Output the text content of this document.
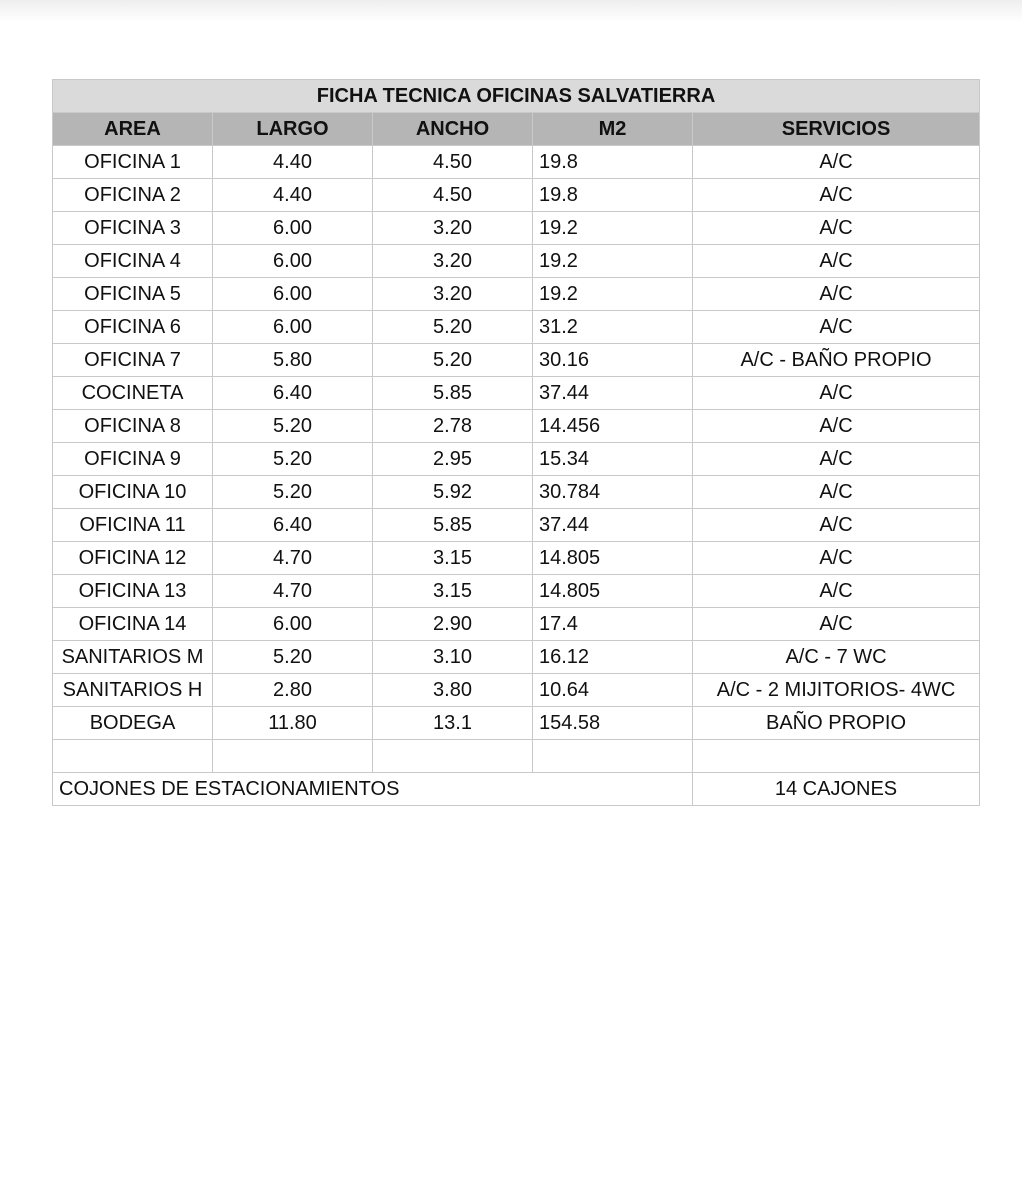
FICHA TECNICA OFICINAS SALVATIERRA				
AREA	LARGO	ANCHO	M2	SERVICIOS
OFICINA 1	4.40	4.50	19.8	A/C
OFICINA 2	4.40	4.50	19.8	A/C
OFICINA 3	6.00	3.20	19.2	A/C
OFICINA 4	6.00	3.20	19.2	A/C
OFICINA 5	6.00	3.20	19.2	A/C
OFICINA 6	6.00	5.20	31.2	A/C
OFICINA 7	5.80	5.20	30.16	A/C - BAÑO PROPIO
COCINETA	6.40	5.85	37.44	A/C
OFICINA 8	5.20	2.78	14.456	A/C
OFICINA 9	5.20	2.95	15.34	A/C
OFICINA 10	5.20	5.92	30.784	A/C
OFICINA 11	6.40	5.85	37.44	A/C
OFICINA 12	4.70	3.15	14.805	A/C
OFICINA 13	4.70	3.15	14.805	A/C
OFICINA 14	6.00	2.90	17.4	A/C
SANITARIOS M	5.20	3.10	16.12	A/C - 7 WC
SANITARIOS H	2.80	3.80	10.64	A/C - 2 MIJITORIOS- 4WC
BODEGA	11.80	13.1	154.58	BAÑO PROPIO

COJONES DE ESTACIONAMIENTOS				14 CAJONES
